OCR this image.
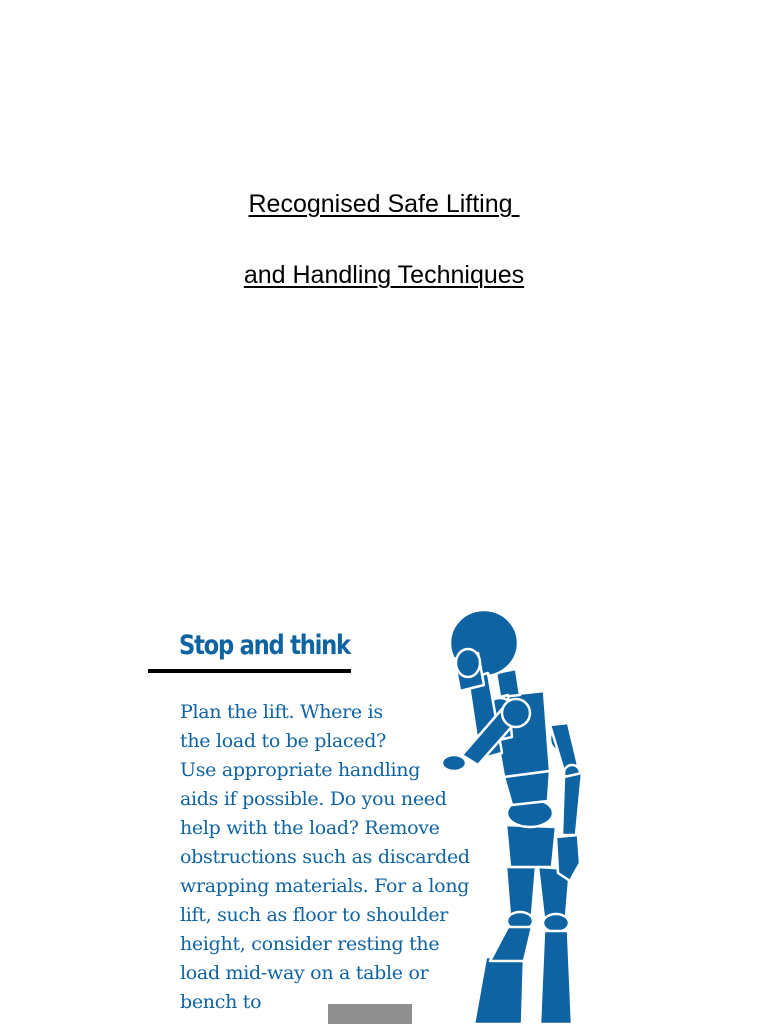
Recognised Safe Lifting
and Handling Techniques
Stop and think
Plan the lift. Where is
the load to be placed?
Use appropriate handling
aids if possible. Do you need
help with the load? Remove
obstructions such as discarded
wrapping materials. For a long
lift, such as floor to shoulder
height, consider resting the
load mid-way on a table or
bench to
